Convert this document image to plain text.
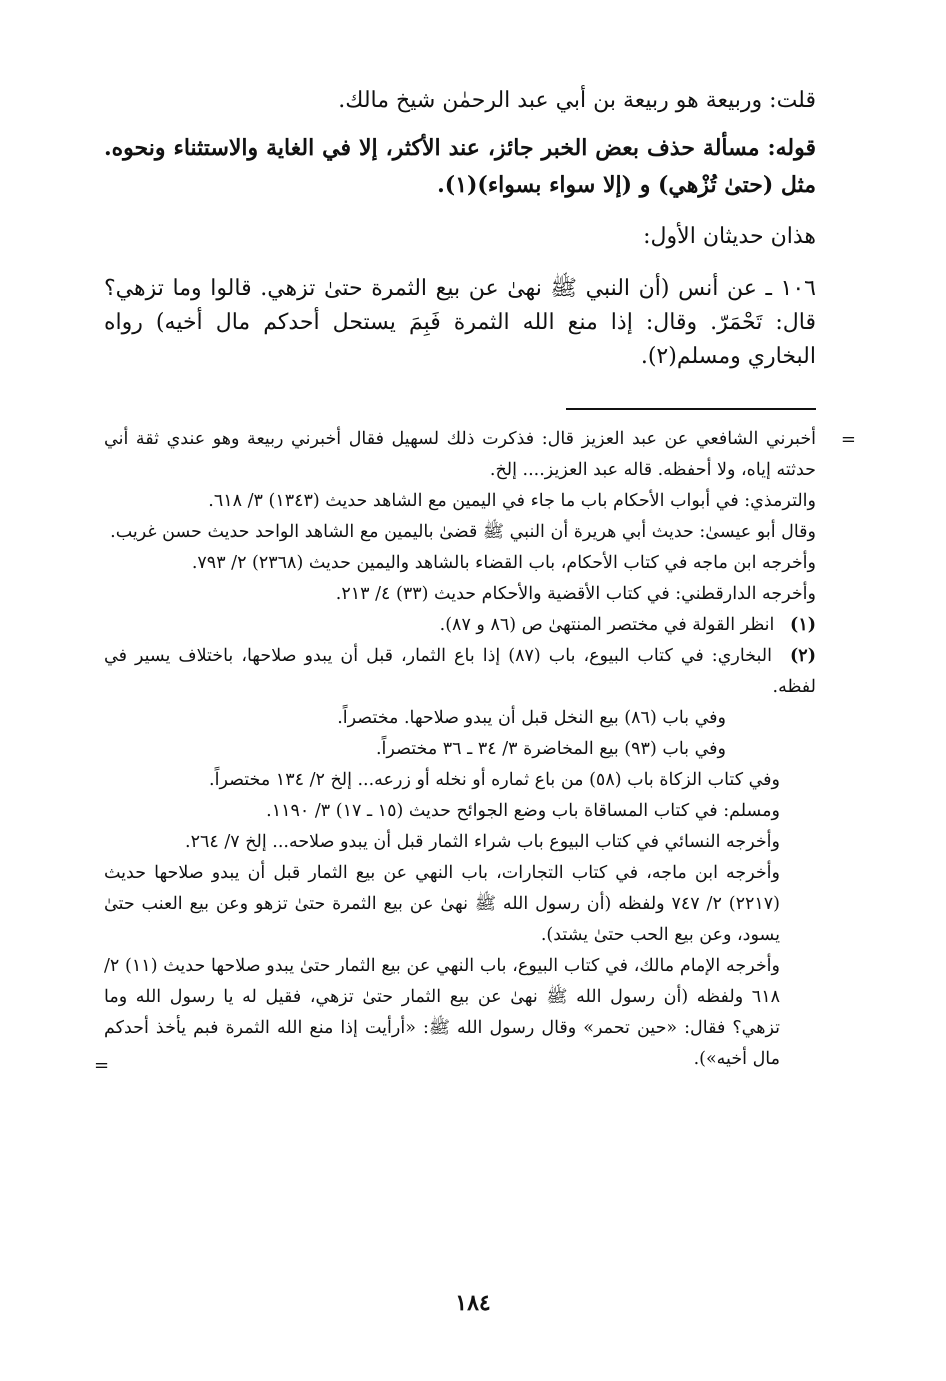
قلت: وربيعة هو ربيعة بن أبي عبد الرحمٰن شيخ مالك.

قوله: مسألة حذف بعض الخبر جائز، عند الأكثر، إلا في الغاية والاستثناء ونحوه. مثل (حتىٰ تُزْهي) و (إلا سواء بسواء)(١).

هذان حديثان الأول:

١٠٦ ـ عن أنس (أن النبي ﷺ نهىٰ عن بيع الثمرة حتىٰ تزهي. قالوا وما تزهي؟ قال: تَحْمَرّ. وقال: إذا منع الله الثمرة فَبِمَ يستحل أحدكم مال أخيه) رواه البخاري ومسلم(٢).

=

أخبرني الشافعي عن عبد العزيز قال: فذكرت ذلك لسهيل فقال أخبرني ربيعة وهو عندي ثقة أني حدثته إياه، ولا أحفظه. قاله عبد العزيز.... إلخ.

والترمذي: في أبواب الأحكام باب ما جاء في اليمين مع الشاهد حديث (١٣٤٣) ٣/ ٦١٨.

وقال أبو عيسىٰ: حديث أبي هريرة أن النبي ﷺ قضىٰ باليمين مع الشاهد الواحد حديث حسن غريب.

وأخرجه ابن ماجه في كتاب الأحكام، باب القضاء بالشاهد واليمين حديث (٢٣٦٨) ٢/ ٧٩٣.

وأخرجه الدارقطني: في كتاب الأقضية والأحكام حديث (٣٣) ٤/ ٢١٣.

(١) انظر القولة في مختصر المنتهىٰ ص (٨٦ و ٨٧).

(٢) البخاري: في كتاب البيوع، باب (٨٧) إذا باع الثمار، قبل أن يبدو صلاحها، باختلاف يسير في لفظه.

وفي باب (٨٦) بيع النخل قبل أن يبدو صلاحها. مختصراً.

وفي باب (٩٣) بيع المخاضرة ٣/ ٣٤ ـ ٣٦ مختصراً.

وفي كتاب الزكاة باب (٥٨) من باع ثماره أو نخله أو زرعه... إلخ ٢/ ١٣٤ مختصراً.

ومسلم: في كتاب المساقاة باب وضع الجوائح حديث (١٥ ـ ١٧) ٣/ ١١٩٠.

وأخرجه النسائي في كتاب البيوع باب شراء الثمار قبل أن يبدو صلاحه... إلخ ٧/ ٢٦٤.

وأخرجه ابن ماجه، في كتاب التجارات، باب النهي عن بيع الثمار قبل أن يبدو صلاحها حديث (٢٢١٧) ٢/ ٧٤٧ ولفظه (أن رسول الله ﷺ نهىٰ عن بيع الثمرة حتىٰ تزهو وعن بيع العنب حتىٰ يسود، وعن بيع الحب حتىٰ يشتد).

وأخرجه الإمام مالك، في كتاب البيوع، باب النهي عن بيع الثمار حتىٰ يبدو صلاحها حديث (١١) ٢/ ٦١٨ ولفظه (أن رسول الله ﷺ نهىٰ عن بيع الثمار حتىٰ تزهي، فقيل له يا رسول الله وما تزهي؟ فقال: «حين تحمر» وقال رسول الله ﷺ: «أرأيت إذا منع الله الثمرة فبم يأخذ أحدكم مال أخيه»).

=
١٨٤
